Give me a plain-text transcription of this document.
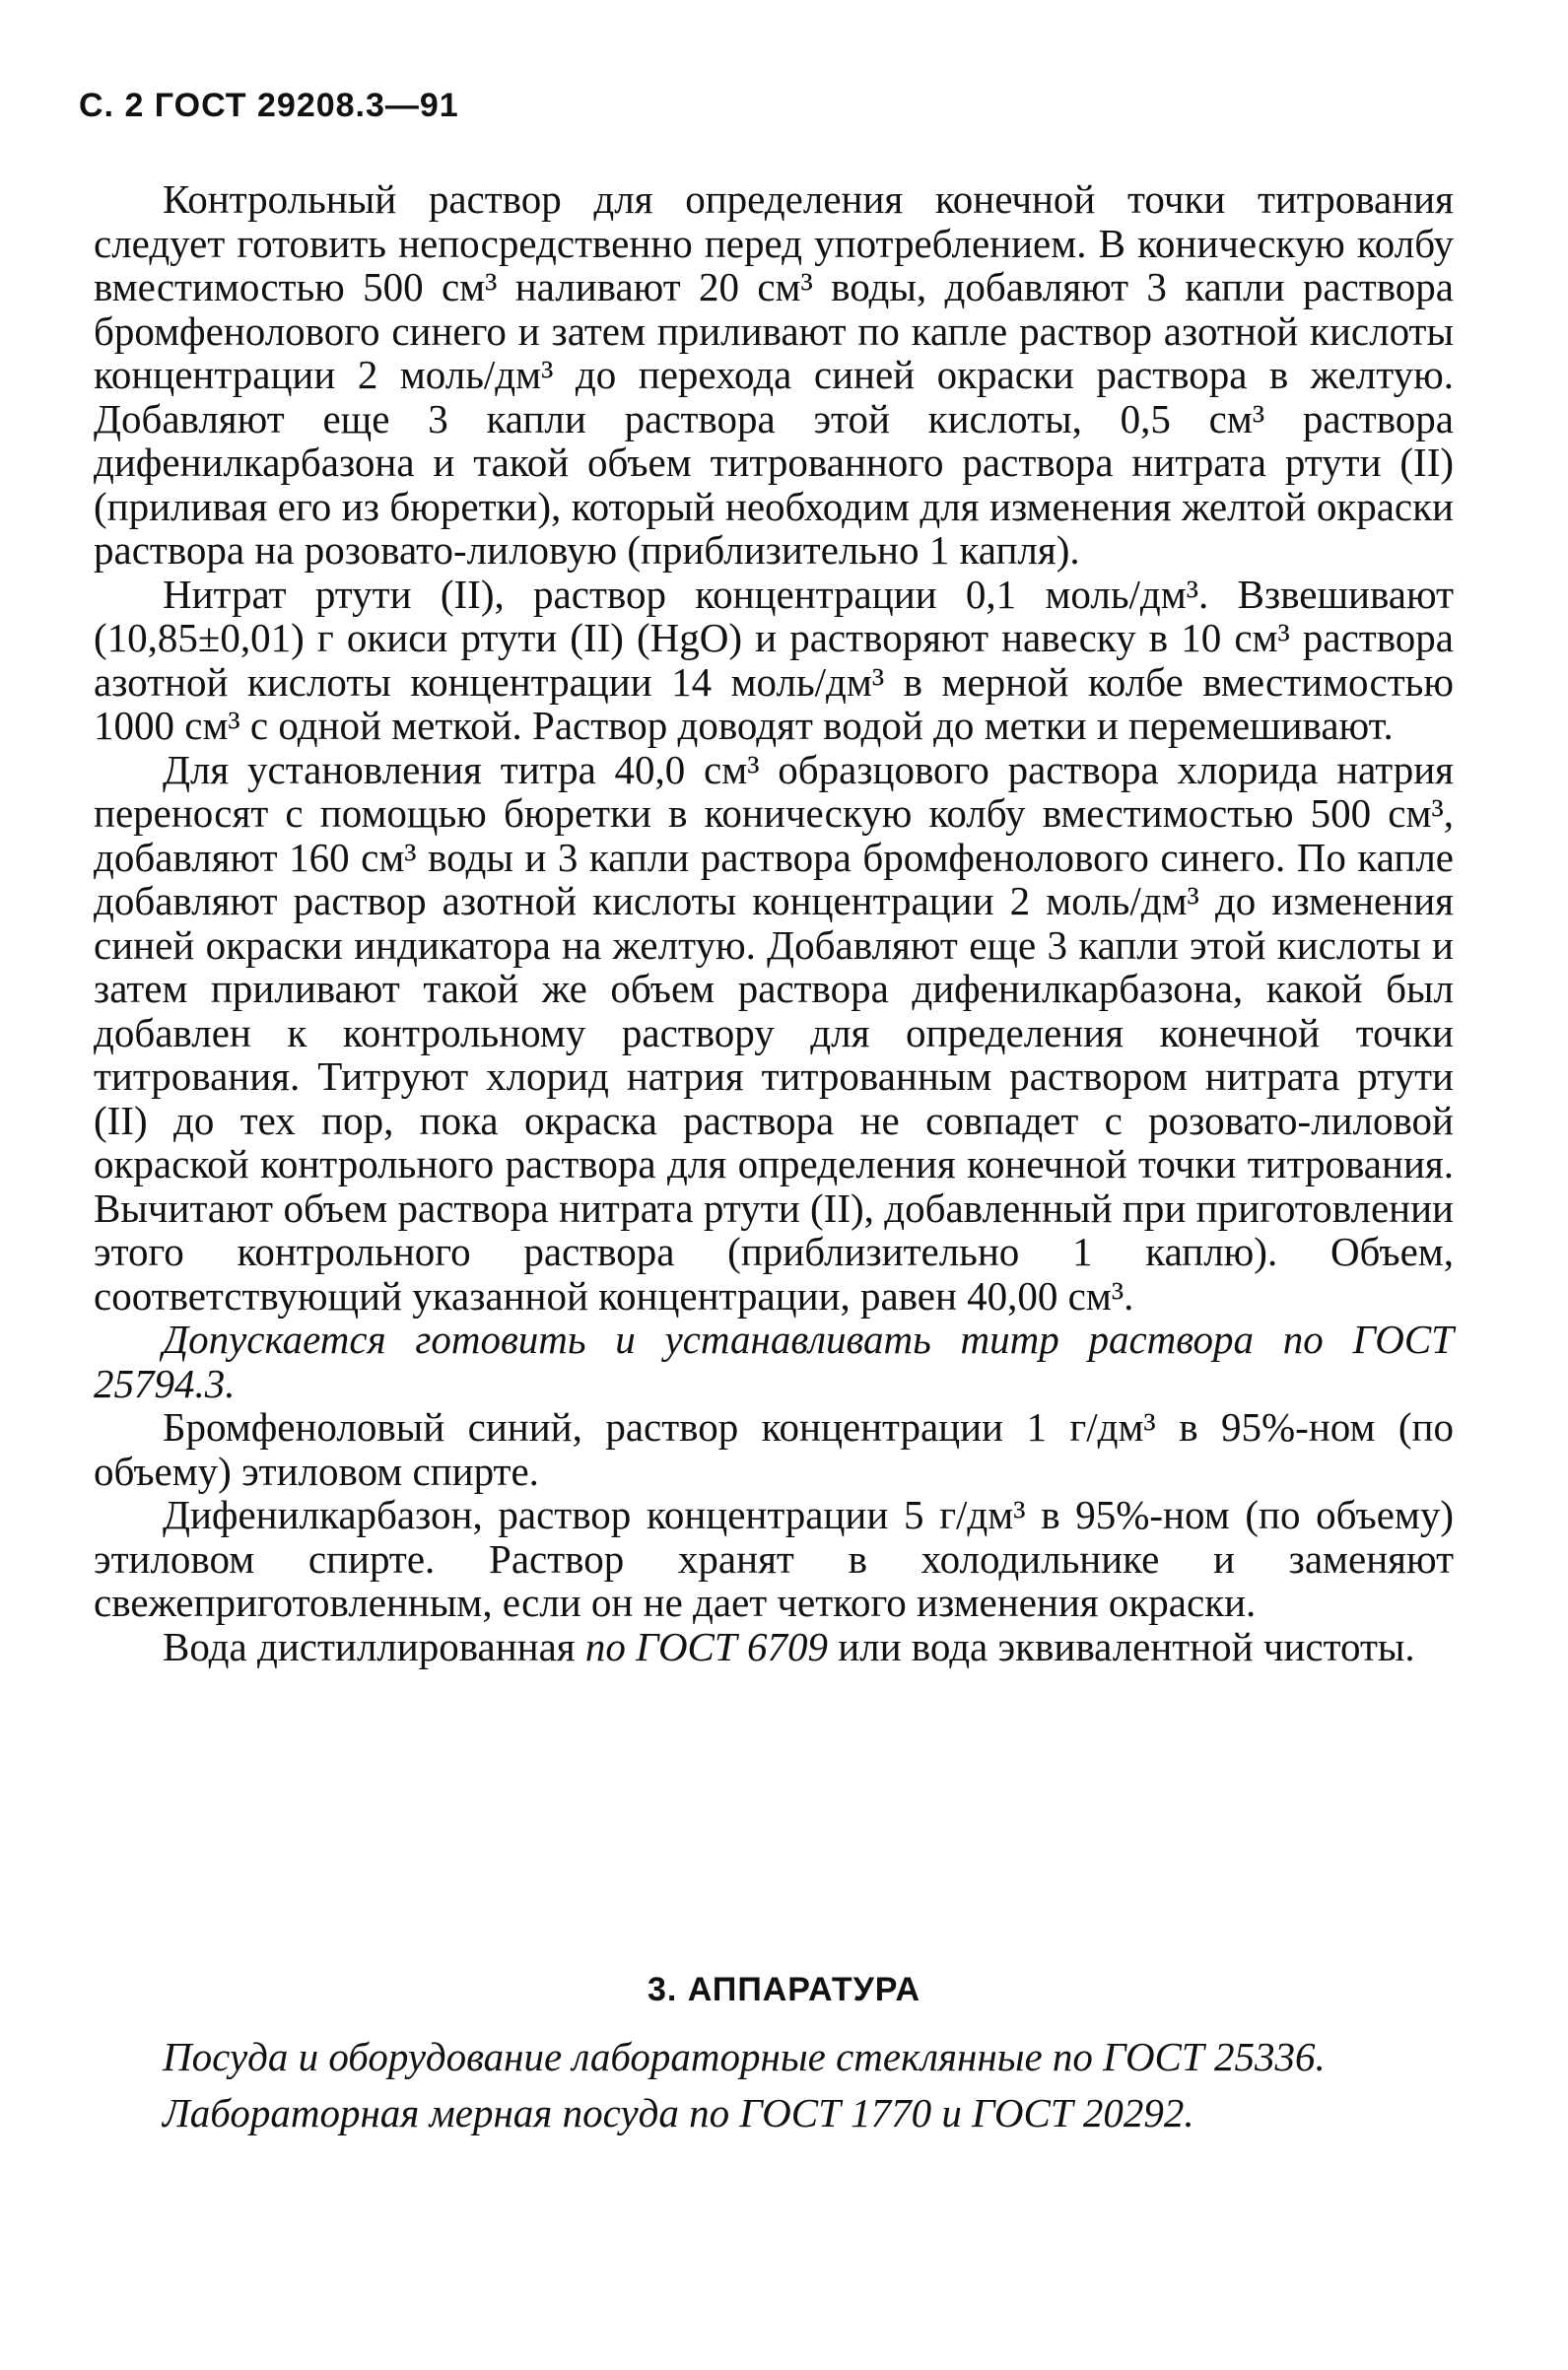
С. 2 ГОСТ 29208.3—91

Контрольный раствор для определения конечной точки титрования следует готовить непосредственно перед употреблением. В коническую колбу вместимостью 500 см³ наливают 20 см³ воды, добавляют 3 капли раствора бромфенолового синего и затем приливают по капле раствор азотной кислоты концентрации 2 моль/дм³ до перехода синей окраски раствора в желтую. Добавляют еще 3 капли раствора этой кислоты, 0,5 см³ раствора дифенилкарбазона и такой объем титрованного раствора нитрата ртути (II) (приливая его из бюретки), который необходим для изменения желтой окраски раствора на розовато-лиловую (приблизительно 1 капля).

Нитрат ртути (II), раствор концентрации 0,1 моль/дм³. Взвешивают (10,85±0,01) г окиси ртути (II) (HgO) и растворяют навеску в 10 см³ раствора азотной кислоты концентрации 14 моль/дм³ в мерной колбе вместимостью 1000 см³ с одной меткой. Раствор доводят водой до метки и перемешивают.

Для установления титра 40,0 см³ образцового раствора хлорида натрия переносят с помощью бюретки в коническую колбу вместимостью 500 см³, добавляют 160 см³ воды и 3 капли раствора бромфенолового синего. По капле добавляют раствор азотной кислоты концентрации 2 моль/дм³ до изменения синей окраски индикатора на желтую. Добавляют еще 3 капли этой кислоты и затем приливают такой же объем раствора дифенилкарбазона, какой был добавлен к контрольному раствору для определения конечной точки титрования. Титруют хлорид натрия титрованным раствором нитрата ртути (II) до тех пор, пока окраска раствора не совпадет с розовато-лиловой окраской контрольного раствора для определения конечной точки титрования. Вычитают объем раствора нитрата ртути (II), добавленный при приготовлении этого контрольного раствора (приблизительно 1 каплю). Объем, соответствующий указанной концентрации, равен 40,00 см³.

Допускается готовить и устанавливать титр раствора по ГОСТ 25794.3.

Бромфеноловый синий, раствор концентрации 1 г/дм³ в 95%-ном (по объему) этиловом спирте.

Дифенилкарбазон, раствор концентрации 5 г/дм³ в 95%-ном (по объему) этиловом спирте. Раствор хранят в холодильнике и заменяют свежеприготовленным, если он не дает четкого изменения окраски.

Вода дистиллированная по ГОСТ 6709 или вода эквивалентной чистоты.

3. АППАРАТУРА

Посуда и оборудование лабораторные стеклянные по ГОСТ 25336.

Лабораторная мерная посуда по ГОСТ 1770 и ГОСТ 20292.
